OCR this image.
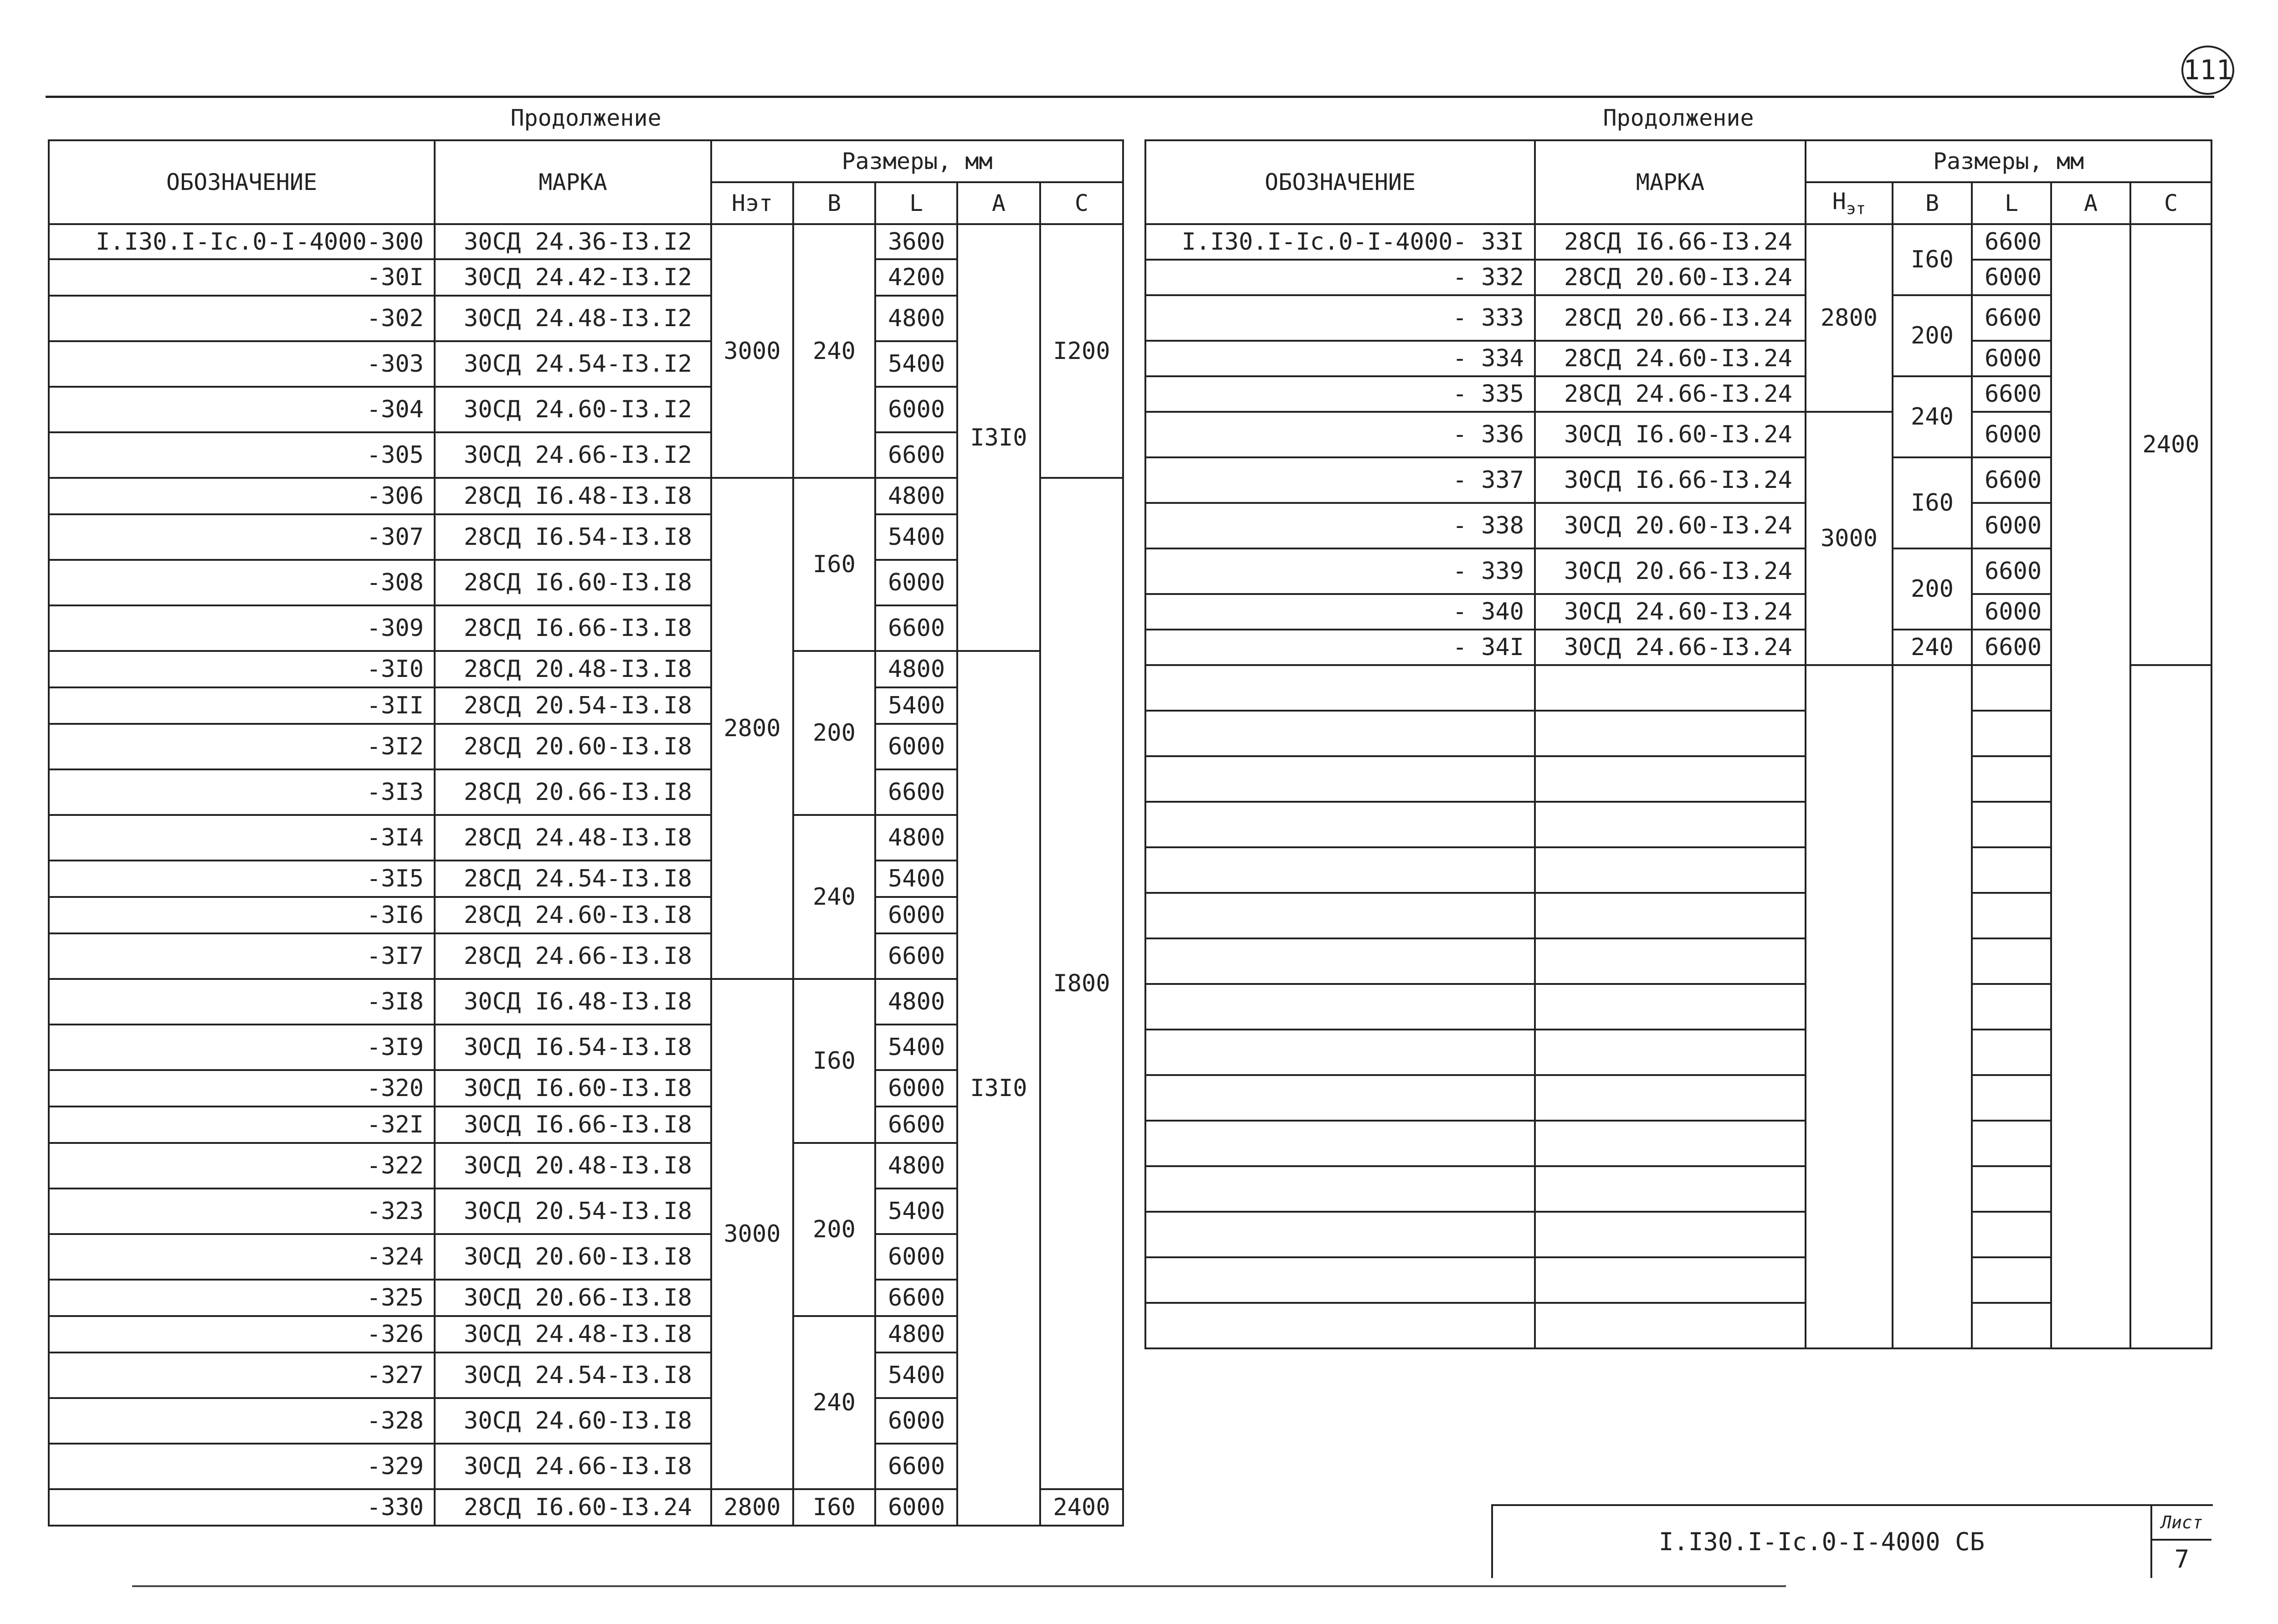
111
Продолжение						
ОБОЗНАЧЕНИЕ	МАРКА	Размеры, мм				
		Нэт	В	L	А	С
I.I30.I-Ic.0-I-4000-300	30СД 24.36-I3.I2	3000	240	3600	I3I0	I200
-30I	30СД 24.42-I3.I2			4200		
-302	30СД 24.48-I3.I2			4800		
-303	30СД 24.54-I3.I2			5400		
-304	30СД 24.60-I3.I2			6000		
-305	30СД 24.66-I3.I2			6600		
-306	28СД I6.48-I3.I8	2800	I60	4800		I800
-307	28СД I6.54-I3.I8			5400		
-308	28СД I6.60-I3.I8			6000		
-309	28СД I6.66-I3.I8			6600		
-3I0	28СД 20.48-I3.I8		200	4800	I3I0	
-3II	28СД 20.54-I3.I8			5400		
-3I2	28СД 20.60-I3.I8			6000		
-3I3	28СД 20.66-I3.I8			6600		
-3I4	28СД 24.48-I3.I8		240	4800		
-3I5	28СД 24.54-I3.I8			5400		
-3I6	28СД 24.60-I3.I8			6000		
-3I7	28СД 24.66-I3.I8			6600		
-3I8	30СД I6.48-I3.I8	3000	I60	4800		
-3I9	30СД I6.54-I3.I8			5400		
-320	30СД I6.60-I3.I8			6000		
-32I	30СД I6.66-I3.I8			6600		
-322	30СД 20.48-I3.I8		200	4800		
-323	30СД 20.54-I3.I8			5400		
-324	30СД 20.60-I3.I8			6000		
-325	30СД 20.66-I3.I8			6600		
-326	30СД 24.48-I3.I8		240	4800		
-327	30СД 24.54-I3.I8			5400		
-328	30СД 24.60-I3.I8			6000		
-329	30СД 24.66-I3.I8			6600		
-330	28СД I6.60-I3.24	2800	I60	6000		2400
Продолжение						
ОБОЗНАЧЕНИЕ	МАРКА	Размеры, мм				
		$Н_{эт}$	В	L	А	С
I.I30.I-Ic.0-I-4000- 33I	28СД I6.66-I3.24	2800	I60	6600		2400
- 332	28СД 20.60-I3.24			6000		
- 333	28СД 20.66-I3.24		200	6600		
- 334	28СД 24.60-I3.24			6000		
- 335	28СД 24.66-I3.24		240	6600		
- 336	30СД I6.60-I3.24	3000		6000		
- 337	30СД I6.66-I3.24		I60	6600		
- 338	30СД 20.60-I3.24			6000		
- 339	30СД 20.66-I3.24		200	6600		
- 340	30СД 24.60-I3.24			6000		
- 34I	30СД 24.66-I3.24		240	6600		

I.I30.I-Ic.0-I-4000 СБ
Лист
7
